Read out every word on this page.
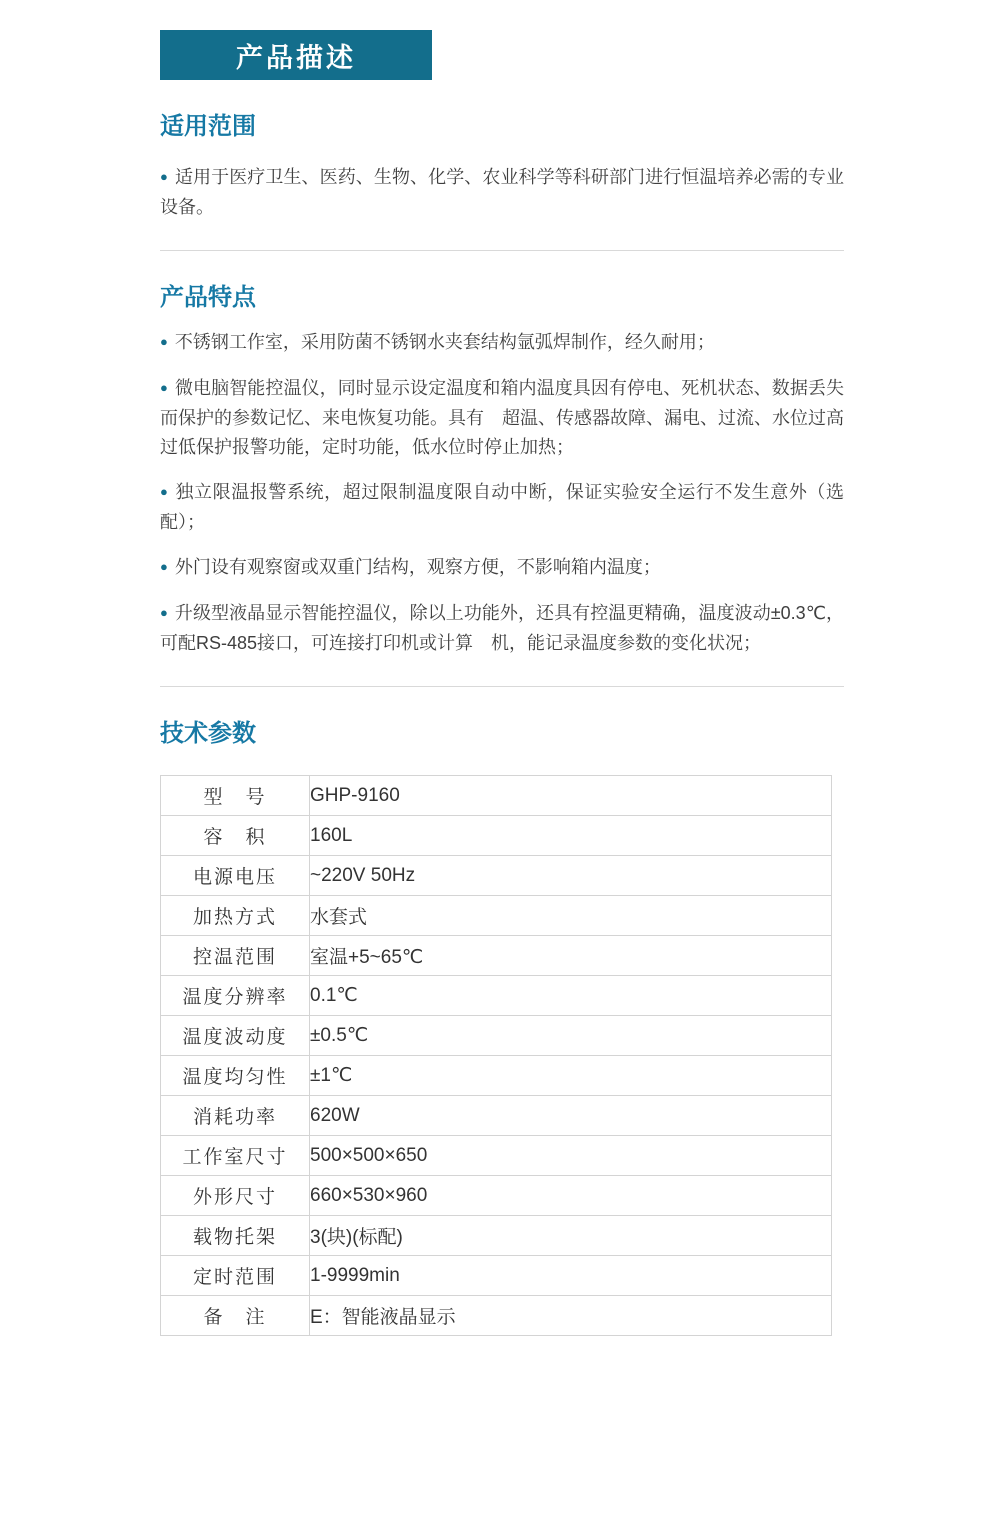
产品描述
适用范围

● 适用于医疗卫生、医药、生物、化学、农业科学等科研部门进行恒温培养必需的专业设备。

产品特点

● 不锈钢工作室，采用防菌不锈钢水夹套结构氩弧焊制作，经久耐用；

● 微电脑智能控温仪，同时显示设定温度和箱内温度具因有停电、死机状态、数据丢失而保护的参数记忆、来电恢复功能。具有　超温、传感器故障、漏电、过流、水位过高过低保护报警功能，定时功能，低水位时停止加热；

● 独立限温报警系统，超过限制温度限自动中断，保证实验安全运行不发生意外（选配）；

● 外门设有观察窗或双重门结构，观察方便，不影响箱内温度；

● 升级型液晶显示智能控温仪，除以上功能外，还具有控温更精确，温度波动±0.3℃，可配RS-485接口，可连接打印机或计算　机，能记录温度参数的变化状况；

技术参数
型　号	GHP-9160
容　积	160L
电源电压	~220V 50Hz
加热方式	水套式
控温范围	室温+5~65℃
温度分辨率	0.1℃
温度波动度	±0.5℃
温度均匀性	±1℃
消耗功率	620W
工作室尺寸	500×500×650
外形尺寸	660×530×960
载物托架	3(块)(标配)
定时范围	1-9999min
备　注	E：智能液晶显示
